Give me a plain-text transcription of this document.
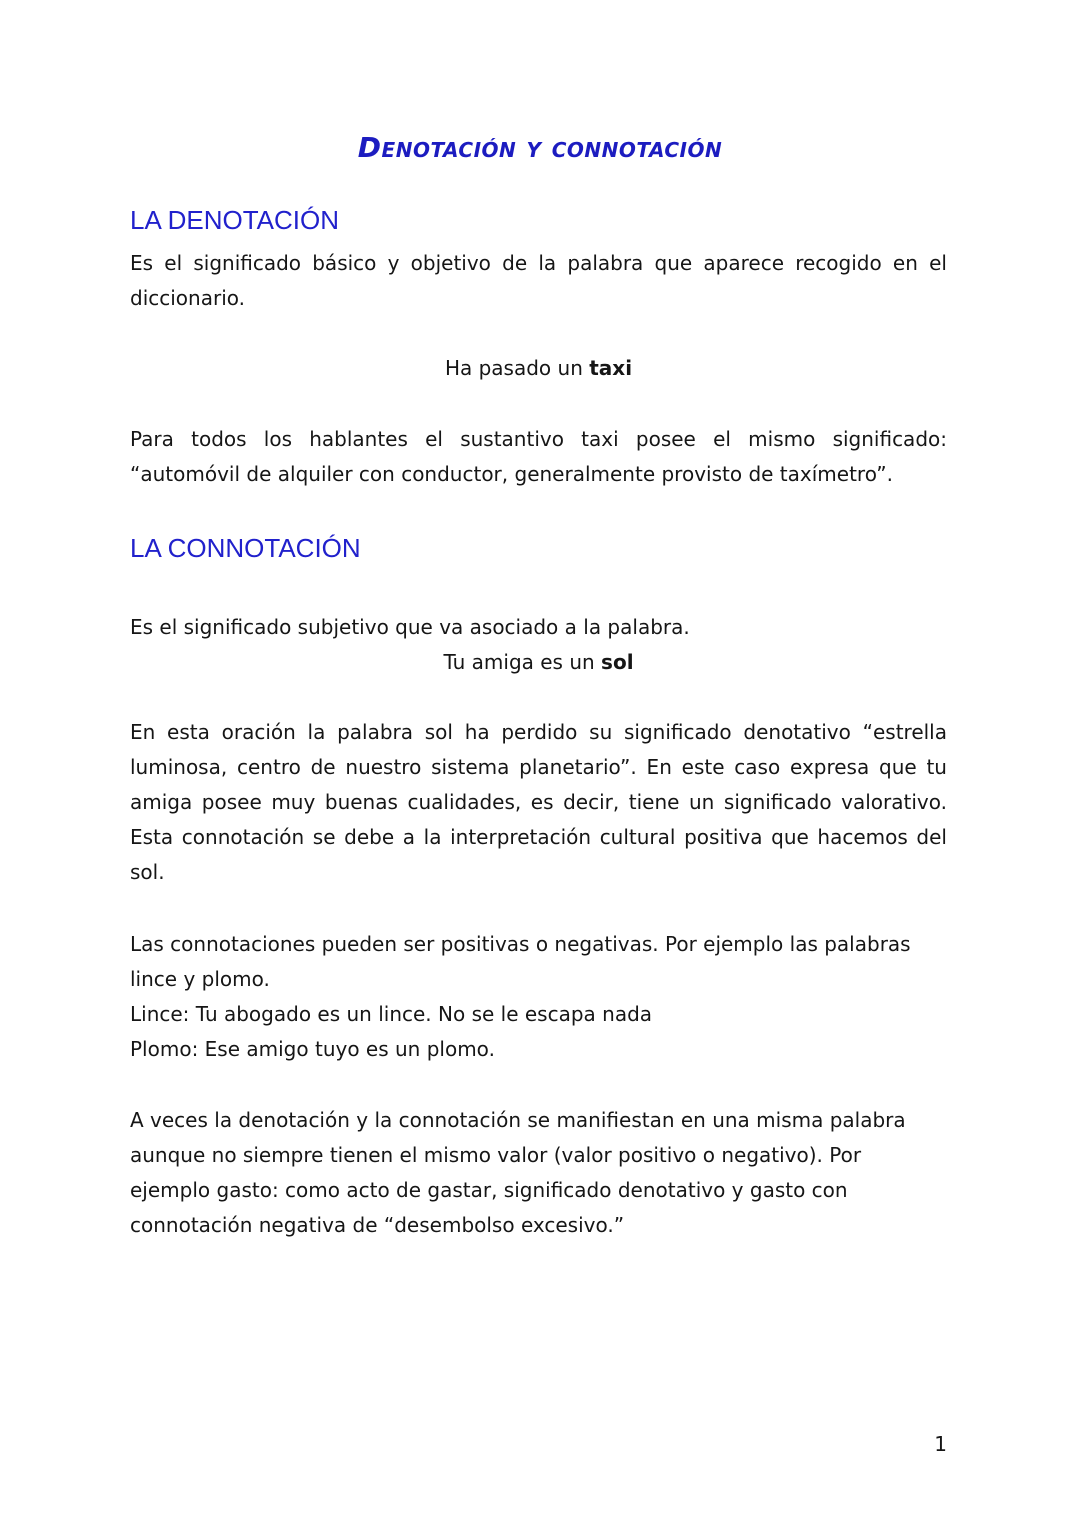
Denotación y connotación
LA DENOTACIÓN
Es el significado básico y objetivo de la palabra que aparece recogido en el
diccionario.
Ha pasado un taxi
Para todos los hablantes el sustantivo taxi posee el mismo significado:
“automóvil de alquiler con conductor, generalmente provisto de taxímetro”.
LA CONNOTACIÓN
Es el significado subjetivo que va asociado a la palabra.
Tu amiga es un sol
En esta oración la palabra sol ha perdido su significado denotativo “estrella
luminosa, centro de nuestro sistema planetario”. En este caso expresa que tu
amiga posee muy buenas cualidades, es decir, tiene un significado valorativo.
Esta connotación se debe a la interpretación cultural positiva que hacemos del
sol.
Las connotaciones pueden ser positivas o negativas. Por ejemplo las palabras
lince y plomo.
Lince: Tu abogado es un lince. No se le escapa nada
Plomo: Ese amigo tuyo es un plomo.
A veces la denotación y la connotación se manifiestan en una misma palabra
aunque no siempre tienen el mismo valor (valor positivo o negativo). Por
ejemplo gasto: como acto de gastar, significado denotativo y gasto con
connotación negativa de “desembolso excesivo.”
1
